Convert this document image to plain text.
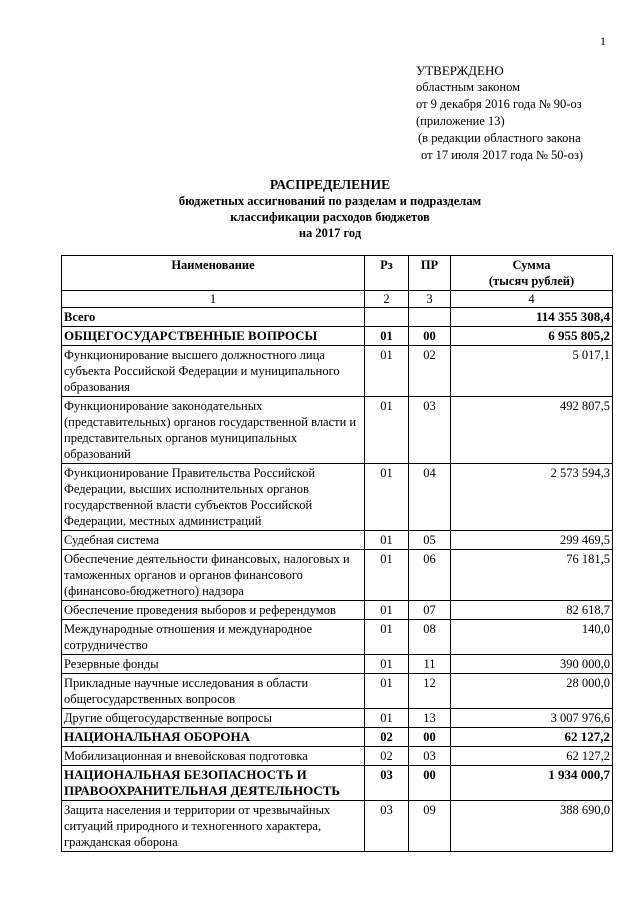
1
УТВЕРЖДЕНО
областным законом
от 9 декабря 2016 года № 90-оз
(приложение 13)
(в редакции областного закона
от 17 июля 2017 года № 50-оз)
РАСПРЕДЕЛЕНИЕ
бюджетных ассигнований по разделам и подразделам
классификации расходов бюджетов
на 2017 год
Наименование	Рз	ПР	Сумма
(тысяч рублей)

1	2	3	4
Всего			114 355 308,4
ОБЩЕГОСУДАРСТВЕННЫЕ ВОПРОСЫ	01	00	6 955 805,2
Функционирование высшего должностного лица субъекта Российской Федерации и муниципального образования	01	02	5 017,1
Функционирование законодательных (представительных) органов государственной власти и представительных органов муниципальных образований	01	03	492 807,5
Функционирование Правительства Российской Федерации, высших исполнительных органов государственной власти субъектов Российской Федерации, местных администраций	01	04	2 573 594,3
Судебная система	01	05	299 469,5
Обеспечение деятельности финансовых, налоговых и таможенных органов и органов финансового (финансово-бюджетного) надзора	01	06	76 181,5
Обеспечение проведения выборов и референдумов	01	07	82 618,7
Международные отношения и международное сотрудничество	01	08	140,0
Резервные фонды	01	11	390 000,0
Прикладные научные исследования в области общегосударственных вопросов	01	12	28 000,0
Другие общегосударственные вопросы	01	13	3 007 976,6
НАЦИОНАЛЬНАЯ ОБОРОНА	02	00	62 127,2
Мобилизационная и вневойсковая подготовка	02	03	62 127,2
НАЦИОНАЛЬНАЯ БЕЗОПАСНОСТЬ И ПРАВООХРАНИТЕЛЬНАЯ ДЕЯТЕЛЬНОСТЬ	03	00	1 934 000,7
Защита населения и территории от чрезвычайных ситуаций природного и техногенного характера, гражданская оборона	03	09	388 690,0
